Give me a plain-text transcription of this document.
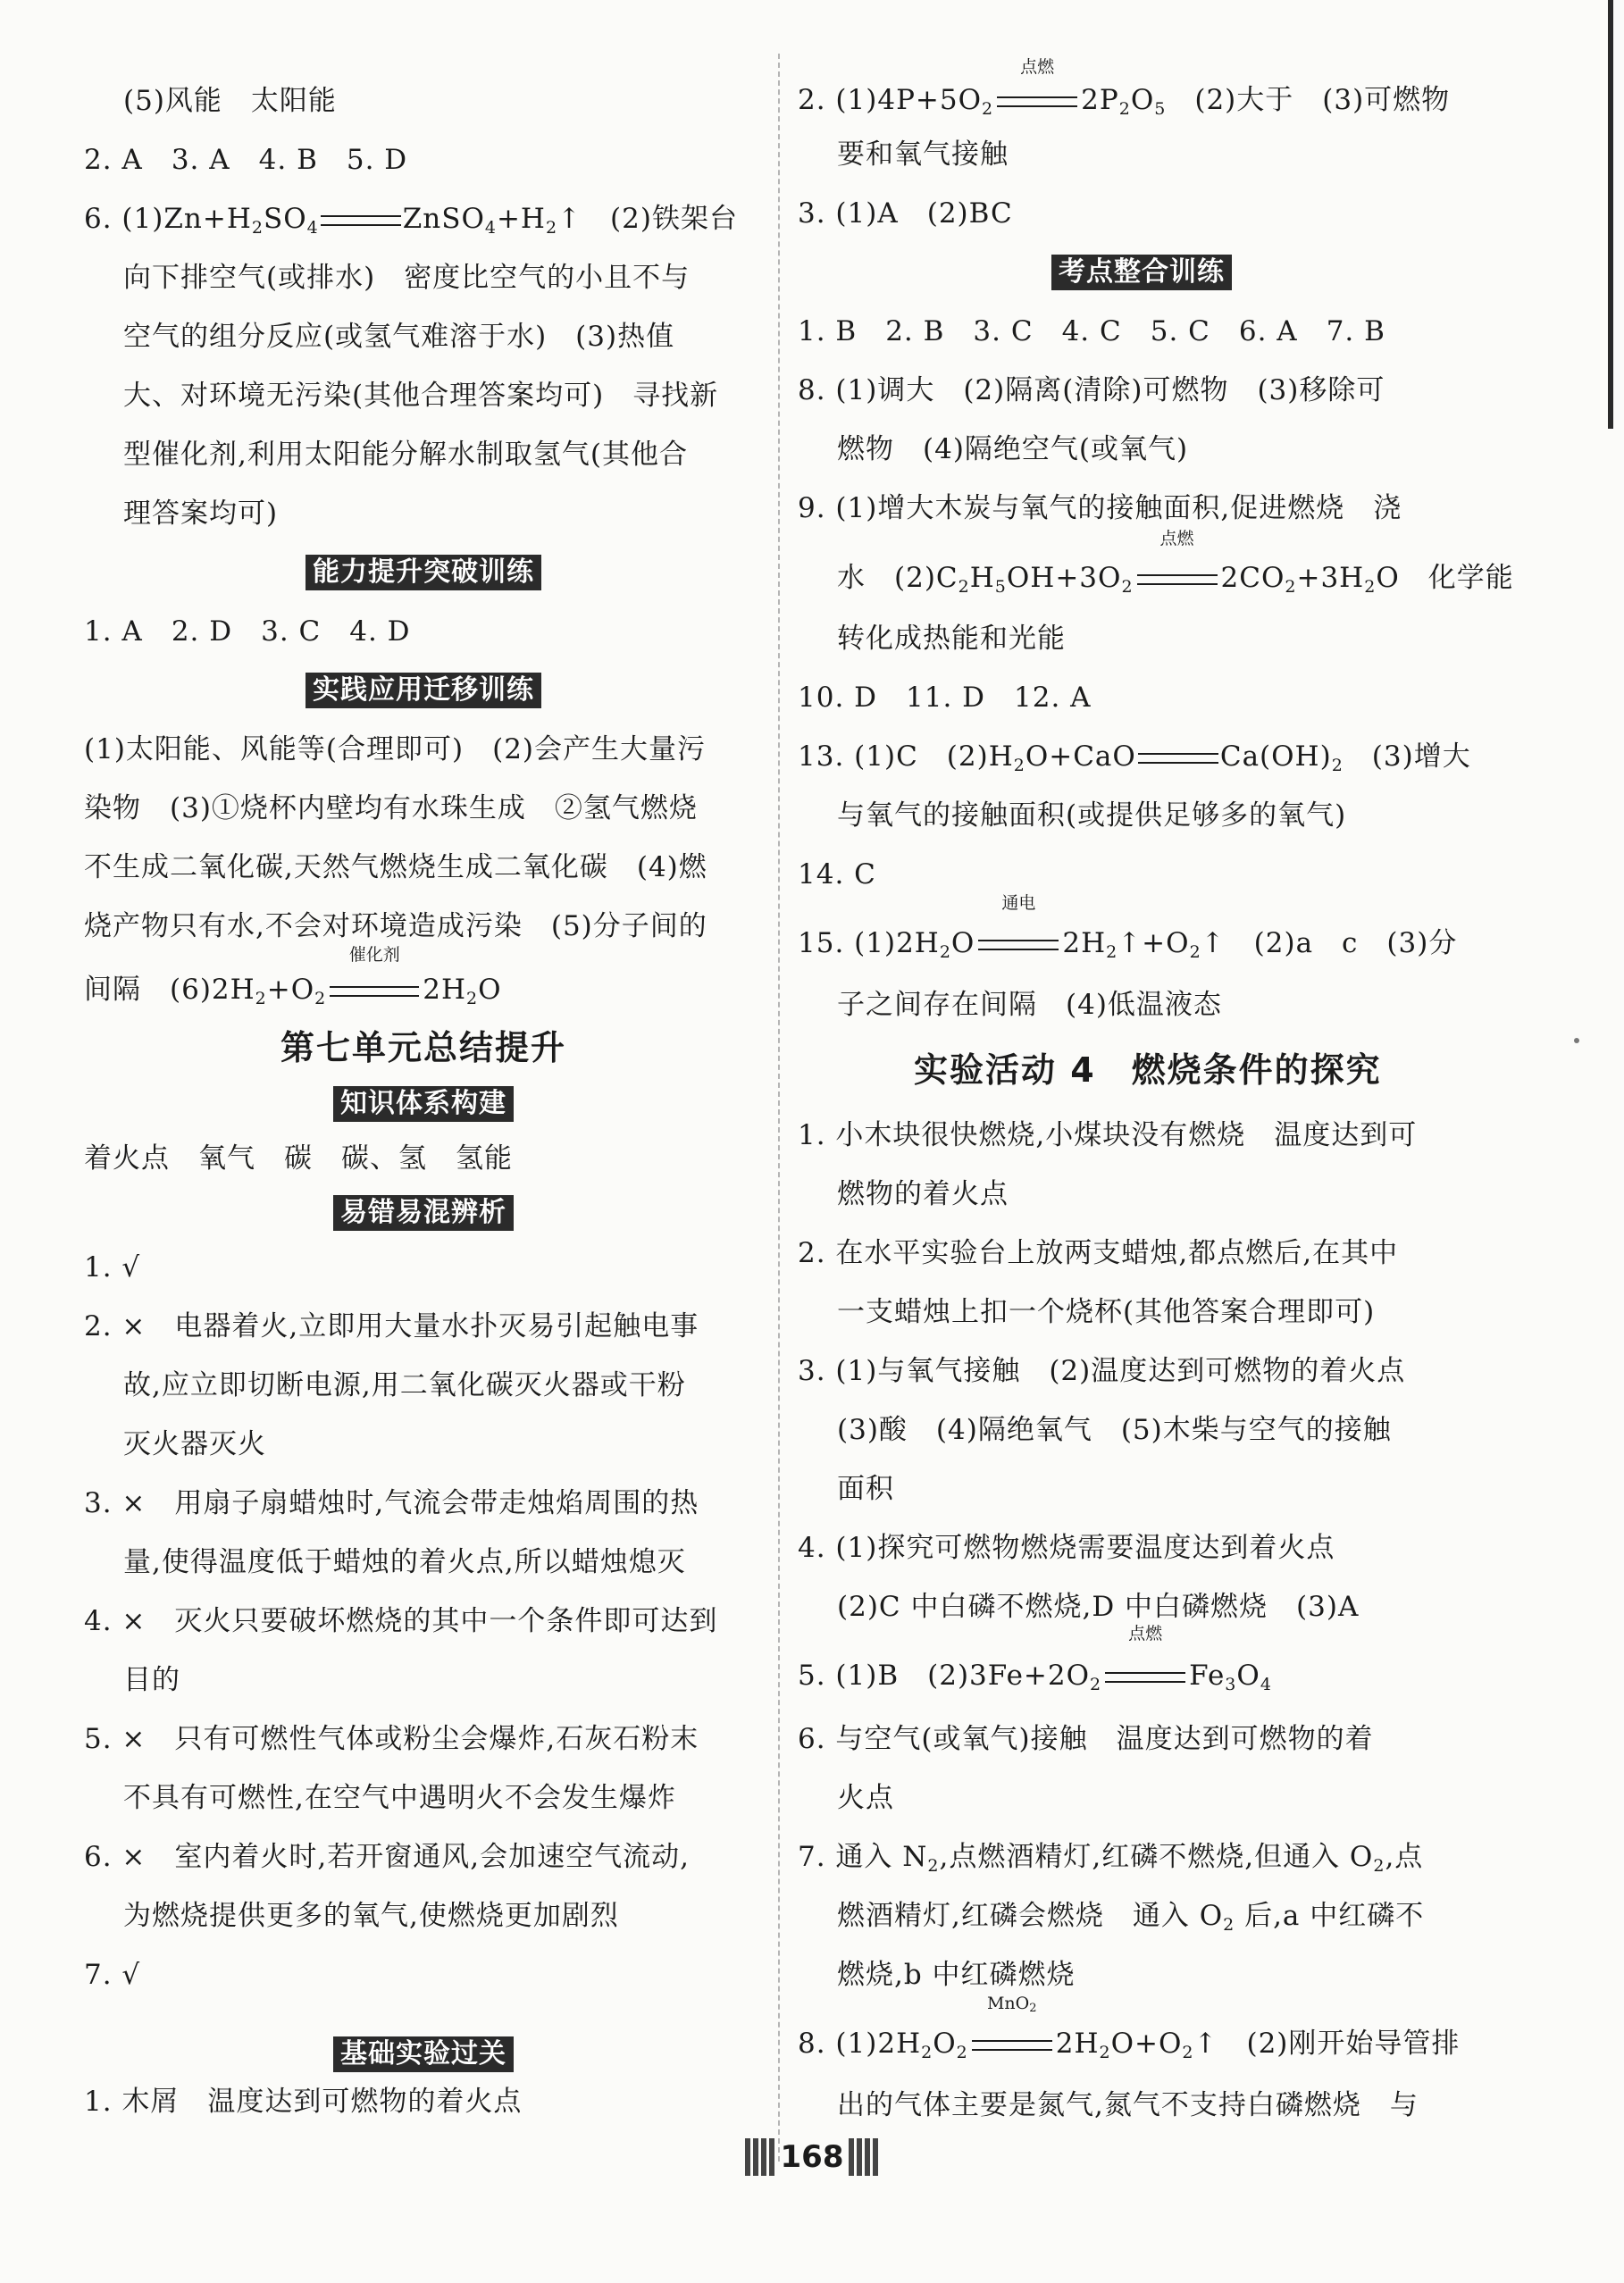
(5)风能　太阳能
2. A　3. A　4. B　5. D
6. $(1)Zn+H_2SO_4$	$ZnSO_4+H_2↑$　(2)铁架台
向下排空气(或排水)　密度比空气的小且不与
空气的组分反应(或氢气难溶于水)　(3)热值
大、对环境无污染(其他合理答案均可)　寻找新
型催化剂,利用太阳能分解水制取氢气(其他合
理答案均可)
能力提升突破训练
1. A　2. D　3. C　4. D
实践应用迁移训练
(1)太阳能、风能等(合理即可)　(2)会产生大量污
染物　(3)①烧杯内壁均有水珠生成　②氢气燃烧
不生成二氧化碳,天然气燃烧生成二氧化碳　(4)燃
烧产物只有水,不会对环境造成污染　(5)分子间的
间隔　$(6)2H_2+O_2$
催化剂
$2H_2O$
第七单元总结提升
知识体系构建
着火点　氧气　碳　碳、氢　氢能
易错易混辨析
1. √
2. ×　电器着火,立即用大量水扑灭易引起触电事
故,应立即切断电源,用二氧化碳灭火器或干粉
灭火器灭火
3. ×　用扇子扇蜡烛时,气流会带走烛焰周围的热
量,使得温度低于蜡烛的着火点,所以蜡烛熄灭
4. ×　灭火只要破坏燃烧的其中一个条件即可达到
目的
5. ×　只有可燃性气体或粉尘会爆炸,石灰石粉末
不具有可燃性,在空气中遇明火不会发生爆炸
6. ×　室内着火时,若开窗通风,会加速空气流动,
为燃烧提供更多的氧气,使燃烧更加剧烈
7. √
基础实验过关
1. 木屑　温度达到可燃物的着火点
2. $(1)4P+5O_2$
点燃
$2P_2O_5$　 (2)大于　(3)可燃物
要和氧气接触
3. (1)A　(2)BC
考点整合训练
1. B　2. B　3. C　4. C　5. C　6. A　7. B
8. (1)调大　(2)隔离(清除)可燃物　(3)移除可
燃物　(4)隔绝空气(或氧气)
9. (1)增大木炭与氧气的接触面积,促进燃烧　浇
水　$(2)C_2H_5OH+3O_2$
点燃
$2CO_2+3H_2O$　化学能
转化成热能和光能
10. D　11. D　12. A
13. (1)C　$(2)H_2O+CaO$	$Ca(OH)_2$　 (3)增大
与氧气的接触面积(或提供足够多的氧气)
14. C
15. $(1)2H_2O$
通电
$2H_2↑+O_2↑$　(2)a　c　(3)分
子之间存在间隔　(4)低温液态
实验活动 4　燃烧条件的探究
1. 小木块很快燃烧,小煤块没有燃烧　温度达到可
燃物的着火点
2. 在水平实验台上放两支蜡烛,都点燃后,在其中
一支蜡烛上扣一个烧杯(其他答案合理即可)
3. (1)与氧气接触　(2)温度达到可燃物的着火点
(3)酸　(4)隔绝氧气　(5)木柴与空气的接触
面积
4. (1)探究可燃物燃烧需要温度达到着火点
(2)C 中白磷不燃烧,D 中白磷燃烧　(3)A
5. (1)B　$(2)3Fe+2O_2$
点燃
$Fe_3O_4$
6. 与空气(或氧气)接触　温度达到可燃物的着
火点
7. 通入 $N_2$,点燃酒精灯,红磷不燃烧,但通入 $O_2$,点
燃酒精灯,红磷会燃烧　通入 $O_2$ 后,a 中红磷不
燃烧,b 中红磷燃烧
8. $(1)2H_2O_2$
MnO$_2$
$2H_2O+O_2↑$　(2)刚开始导管排
出的气体主要是氮气,氮气不支持白磷燃烧　与
168
